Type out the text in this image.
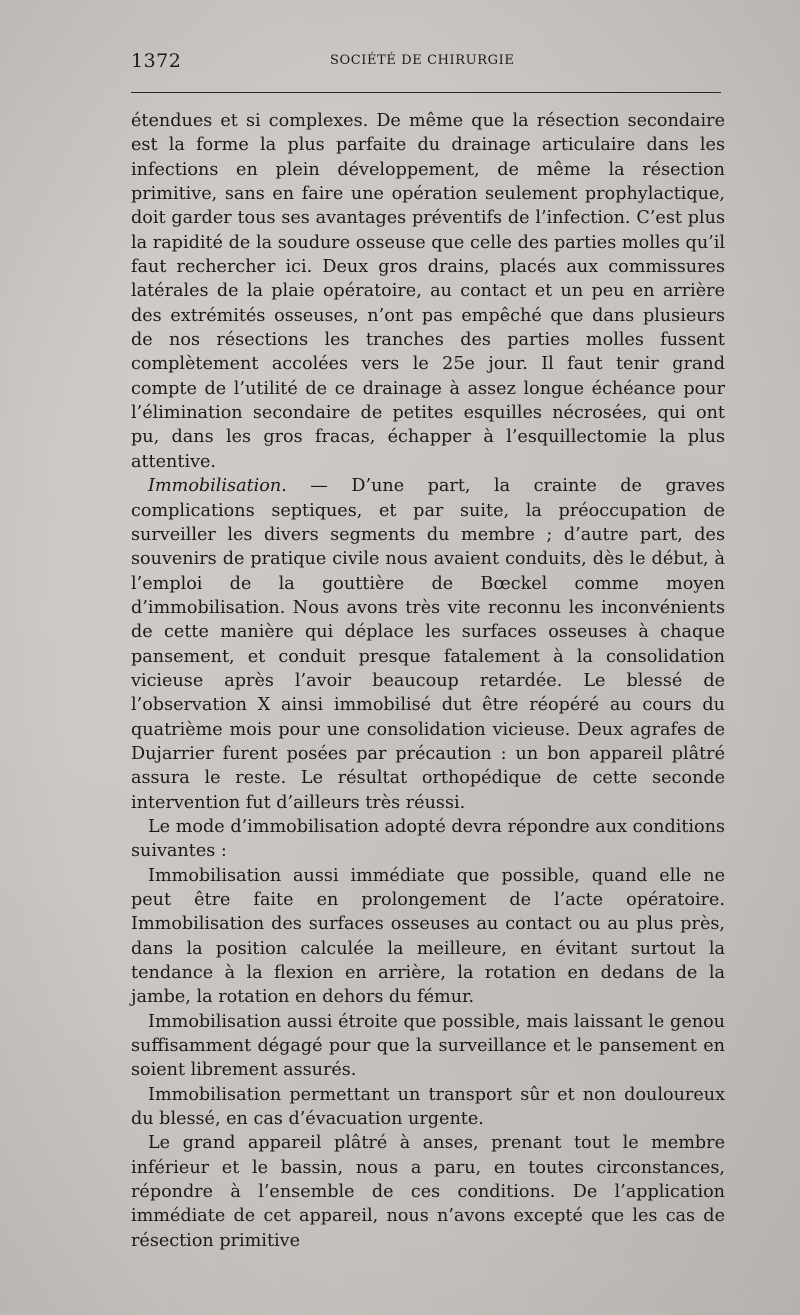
1372	SOCIÉTÉ DE CHIRURGIE

étendues et si complexes. De même que la résection secondaire est la forme la plus parfaite du drainage articulaire dans les infections en plein développement, de même la résection primitive, sans en faire une opération seulement prophylactique, doit garder tous ses avantages préventifs de l’infection. C’est plus la rapidité de la soudure osseuse que celle des parties molles qu’il faut rechercher ici. Deux gros drains, placés aux commissures latérales de la plaie opératoire, au contact et un peu en arrière des extrémités osseuses, n’ont pas empêché que dans plusieurs de nos résections les tranches des parties molles fussent complètement accolées vers le 25e jour. Il faut tenir grand compte de l’utilité de ce drainage à assez longue échéance pour l’élimination secondaire de petites esquilles nécrosées, qui ont pu, dans les gros fracas, échapper à l’esquillectomie la plus attentive.

Immobilisation. — D’une part, la crainte de graves complications septiques, et par suite, la préoccupation de surveiller les divers segments du membre ; d’autre part, des souvenirs de pratique civile nous avaient conduits, dès le début, à l’emploi de la gouttière de Bœckel comme moyen d’immobilisation. Nous avons très vite reconnu les inconvénients de cette manière qui déplace les surfaces osseuses à chaque pansement, et conduit presque fatalement à la consolidation vicieuse après l’avoir beaucoup retardée. Le blessé de l’observation X ainsi immobilisé dut être réopéré au cours du quatrième mois pour une consolidation vicieuse. Deux agrafes de Dujarrier furent posées par précaution : un bon appareil plâtré assura le reste. Le résultat orthopédique de cette seconde intervention fut d’ailleurs très réussi.

Le mode d’immobilisation adopté devra répondre aux conditions suivantes :

Immobilisation aussi immédiate que possible, quand elle ne peut être faite en prolongement de l’acte opératoire. Immobilisation des surfaces osseuses au contact ou au plus près, dans la position calculée la meilleure, en évitant surtout la tendance à la flexion en arrière, la rotation en dedans de la jambe, la rotation en dehors du fémur.

Immobilisation aussi étroite que possible, mais laissant le genou suffisamment dégagé pour que la surveillance et le pansement en soient librement assurés.

Immobilisation permettant un transport sûr et non douloureux du blessé, en cas d’évacuation urgente.

Le grand appareil plâtré à anses, prenant tout le membre inférieur et le bassin, nous a paru, en toutes circonstances, répondre à l’ensemble de ces conditions. De l’application immédiate de cet appareil, nous n’avons excepté que les cas de résection primitive
